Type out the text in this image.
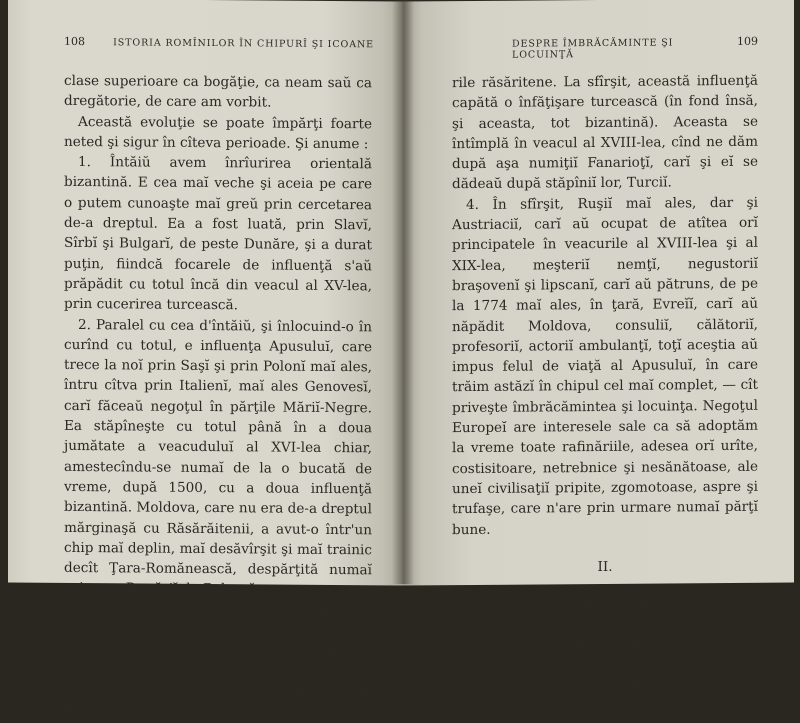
108	ISTORIA ROMÎNILOR ÎN CHIPURÎ ŞI ICOANE

clase superioare ca bogăţie, ca neam saŭ ca dregătorie, de care am vorbit.

Această evoluţie se poate împărţi foarte neted şi sigur în cîteva perioade. Şi anume :

1. Întăiŭ avem înrîurirea orientală bizantină. E cea maĭ veche şi aceia pe care o putem cunoaşte maĭ greŭ prin cercetarea de-a dreptul. Ea a fost luată, prin Slavĭ, Sîrbĭ şi Bulgarĭ, de peste Dunăre, şi a durat puţin, fiindcă focarele de influenţă s'aŭ prăpădit cu totul încă din veacul al XV-lea, prin cucerirea turcească.

2. Paralel cu cea d'întăiŭ, şi înlocuind-o în curînd cu totul, e influenţa Apusuluĭ, care trece la noĭ prin Saşĭ şi prin Polonĭ maĭ ales, întru cîtva prin Italienĭ, maĭ ales Genovesĭ, carĭ făceaŭ negoţul în părţile Măriĭ-Negre. Ea stăpîneşte cu totul până în a doua jumătate a veacuduluĭ al XVI-lea chiar, amestecîndu-se numaĭ de la o bucată de vreme, după 1500, cu a doua influenţă bizantină. Moldova, care nu era de-a dreptul mărginaşă cu Răsărăitenii, a avut-o într'un chip maĭ deplin, maĭ desăvîrşit şi maĭ trainic decît Ţara-Romănească, despărţită numaĭ prin apa Dunăriĭ de Balcanĭ.

3. Cea de-a doua influenţă bizantină vine prin Grecii din Constintinopol şi din insule, tot maĭ mult amestecaţĭ în toate ramurile vieţiĭ noastre, apoĭ prin Romîniĭ, vînătorĭ de Domnie şi boierĭ, carĭ petrec o mare parte din viaţa lor în locu-

DESPRE ÎMBRĂCĂMINTE ŞI LOCUINŢĂ
109

rile răsăritene. La sfîrşit, această influenţă capătă o înfăţişare turcească (în fond însă, şi aceasta, tot bizantină). Aceasta se întîmplă în veacul al XVIII-lea, cînd ne dăm după aşa numiţiĭ Fanarioţĭ, carĭ şi eĭ se dădeaŭ după stăpîniĭ lor, Turciĭ.

4. În sfîrşit, Ruşiĭ maĭ ales, dar şi Austriaciĭ, carĭ aŭ ocupat de atîtea orĭ principatele în veacurile al XVIII-lea şi al XIX-lea, meşteriĭ nemţĭ, negustoriĭ braşovenĭ şi lipscanĭ, carĭ aŭ pătruns, de pe la 1774 maĭ ales, în ţară, Evreĭĭ, carĭ aŭ năpădit Moldova, consuliĭ, călătoriĭ, profesoriĭ, actoriĭ ambulanţĭ, toţĭ aceştia aŭ impus felul de viaţă al Apusuluĭ, în care trăim astăzĭ în chipul cel maĭ complet, — cît priveşte îmbrăcămintea şi locuinţa. Negoţul Europeĭ are interesele sale ca să adoptăm la vreme toate rafinăriile, adesea orĭ urîte, costisitoare, netrebnice şi nesănătoase, ale uneĭ civilisaţiĭ pripite, zgomotoase, aspre şi trufaşe, care n'are prin urmare numaĭ părţĭ bune.

II.

În veacul al XIV-lea, Bulgarce, Sîrboaice, poate Bosniace, de sigur şi vre-o rudă bizantină, făceaŭ parte din familia domnească a Muntenilor. În boierimea lor se găsiaŭ atîţia carĭ, în multele nenorocirĭ care căzuseră asupra penin-
